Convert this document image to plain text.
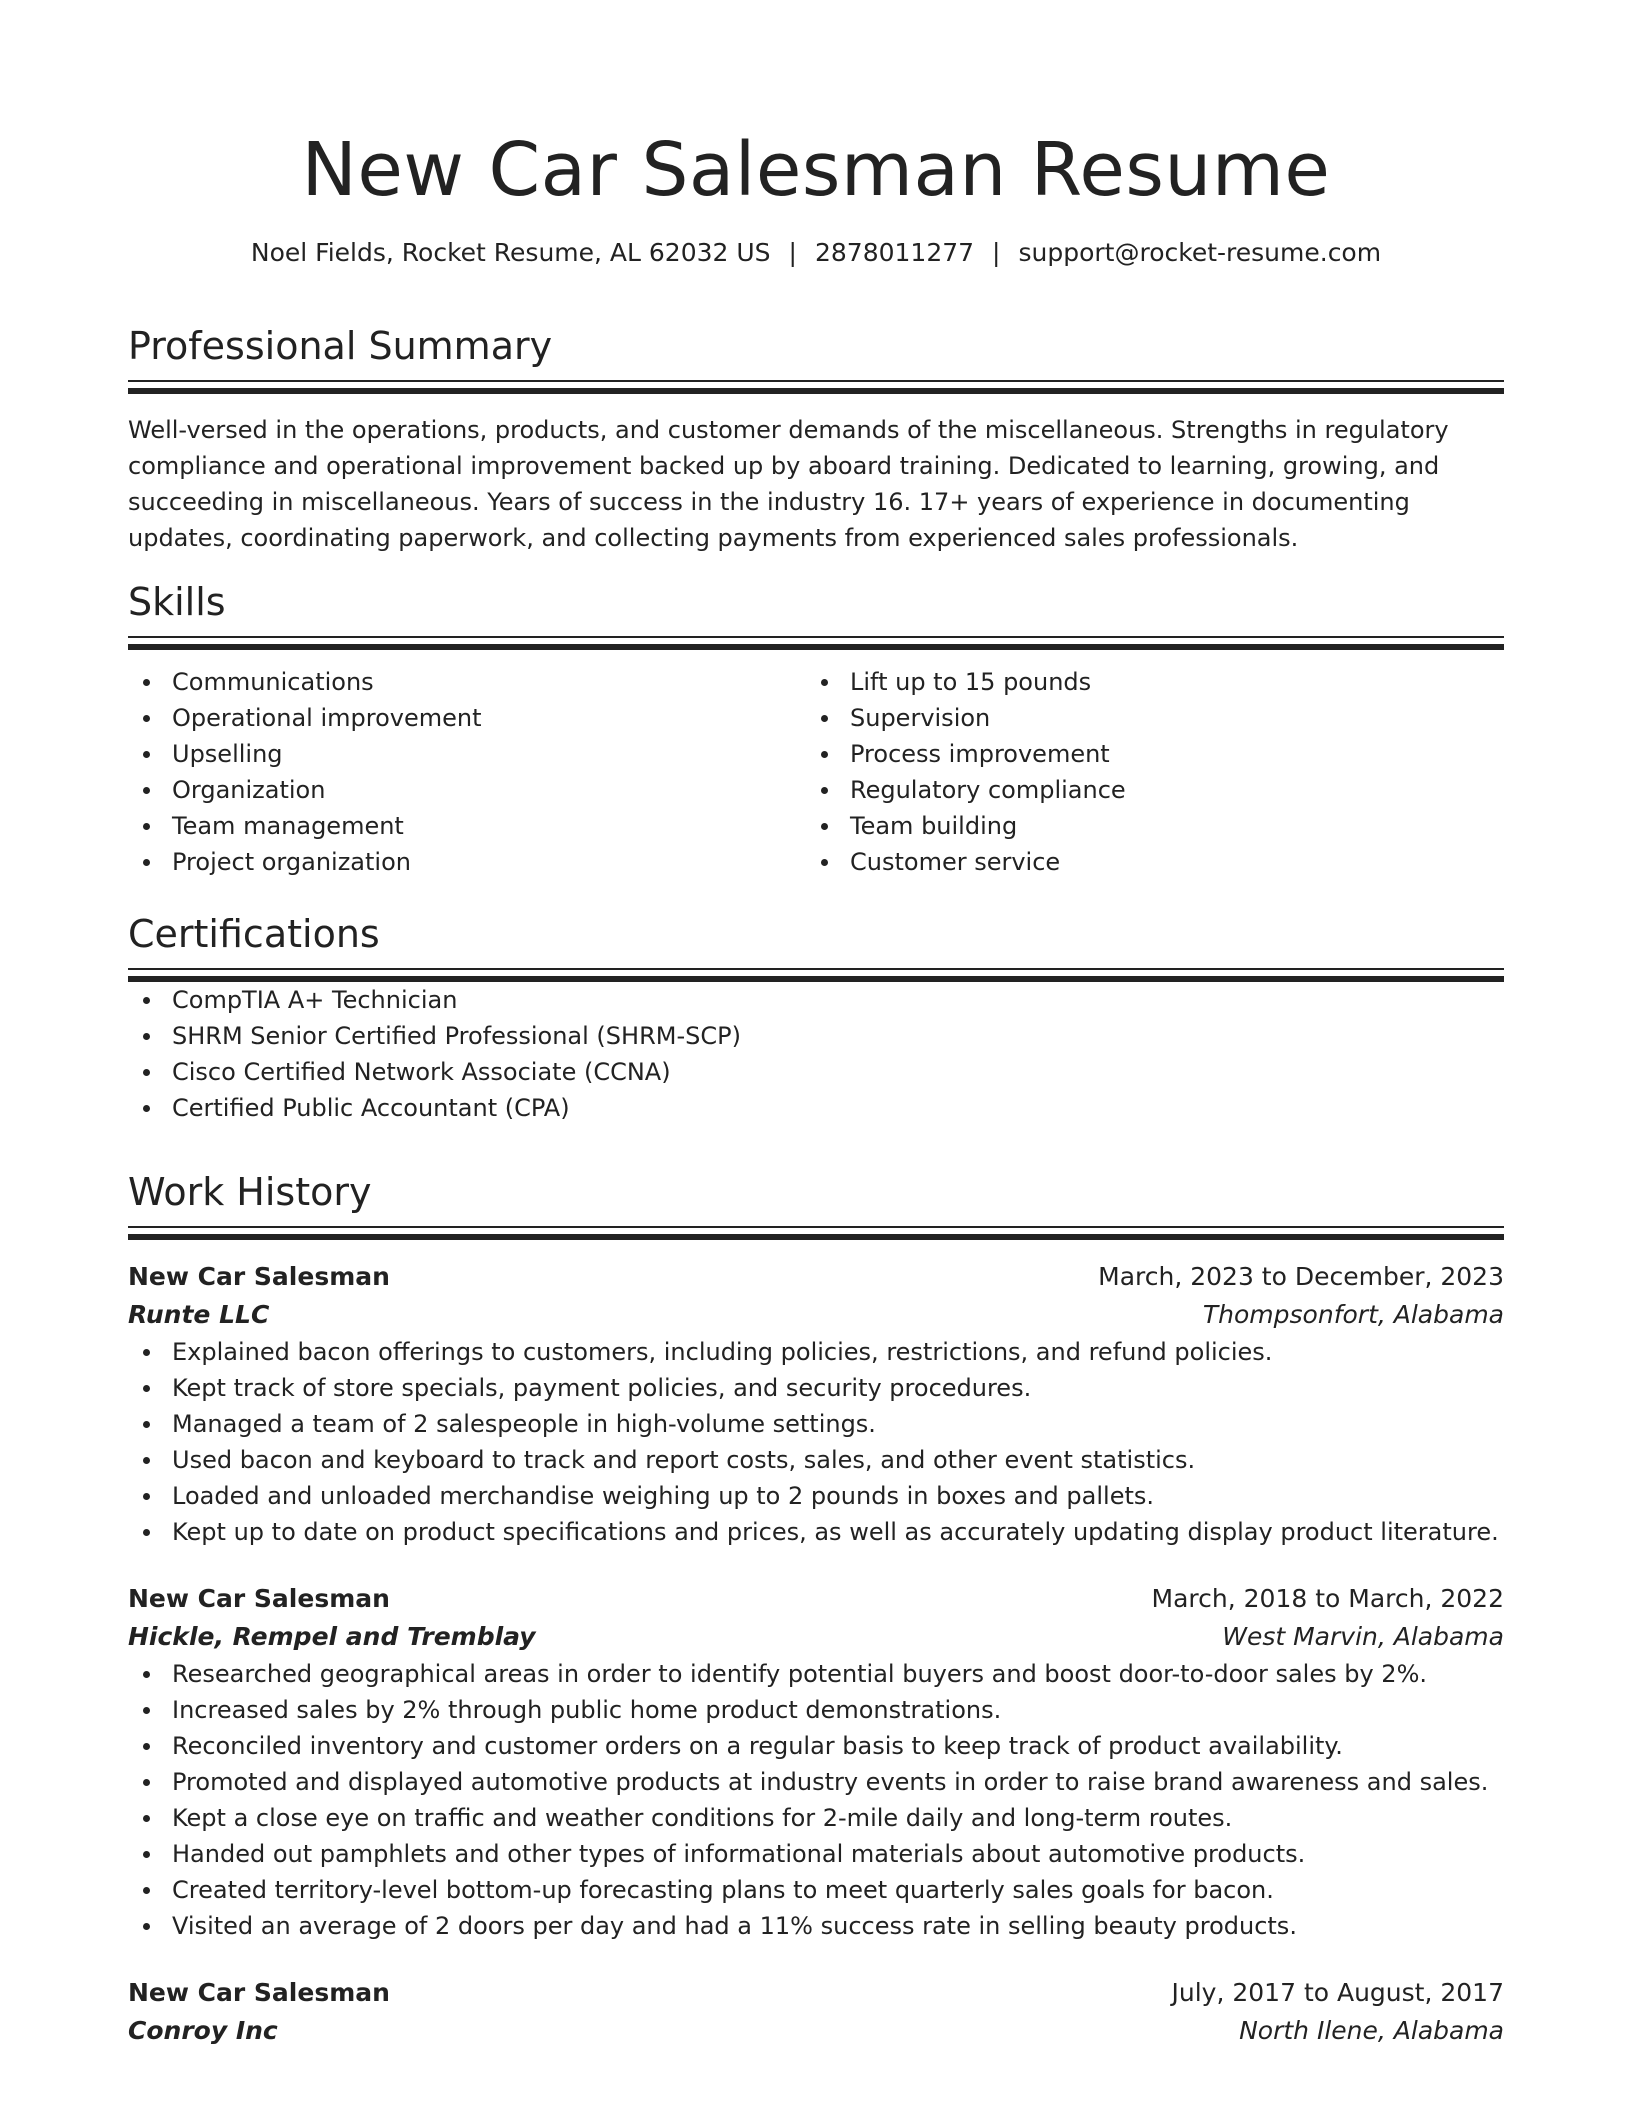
New Car Salesman Resume
Noel Fields, Rocket Resume, AL 62032 US | 2878011277 | support@rocket-resume.com
Professional Summary
Well-versed in the operations, products, and customer demands of the miscellaneous. Strengths in regulatory compliance and operational improvement backed up by aboard training. Dedicated to learning, growing, and succeeding in miscellaneous. Years of success in the industry 16. 17+ years of experience in documenting updates, coordinating paperwork, and collecting payments from experienced sales professionals.
Skills
Communications
Operational improvement
Upselling
Organization
Team management
Project organization
Lift up to 15 pounds
Supervision
Process improvement
Regulatory compliance
Team building
Customer service
Certifications
CompTIA A+ Technician
SHRM Senior Certified Professional (SHRM-SCP)
Cisco Certified Network Associate (CCNA)
Certified Public Accountant (CPA)
Work History
New Car Salesman	March, 2023 to December, 2023
Runte LLC	Thompsonfort, Alabama
Explained bacon offerings to customers, including policies, restrictions, and refund policies.
Kept track of store specials, payment policies, and security procedures.
Managed a team of 2 salespeople in high-volume settings.
Used bacon and keyboard to track and report costs, sales, and other event statistics.
Loaded and unloaded merchandise weighing up to 2 pounds in boxes and pallets.
Kept up to date on product specifications and prices, as well as accurately updating display product literature.
New Car Salesman	March, 2018 to March, 2022
Hickle, Rempel and Tremblay	West Marvin, Alabama
Researched geographical areas in order to identify potential buyers and boost door-to-door sales by 2%.
Increased sales by 2% through public home product demonstrations.
Reconciled inventory and customer orders on a regular basis to keep track of product availability.
Promoted and displayed automotive products at industry events in order to raise brand awareness and sales.
Kept a close eye on traffic and weather conditions for 2-mile daily and long-term routes.
Handed out pamphlets and other types of informational materials about automotive products.
Created territory-level bottom-up forecasting plans to meet quarterly sales goals for bacon.
Visited an average of 2 doors per day and had a 11% success rate in selling beauty products.
New Car Salesman	July, 2017 to August, 2017
Conroy Inc	North Ilene, Alabama
